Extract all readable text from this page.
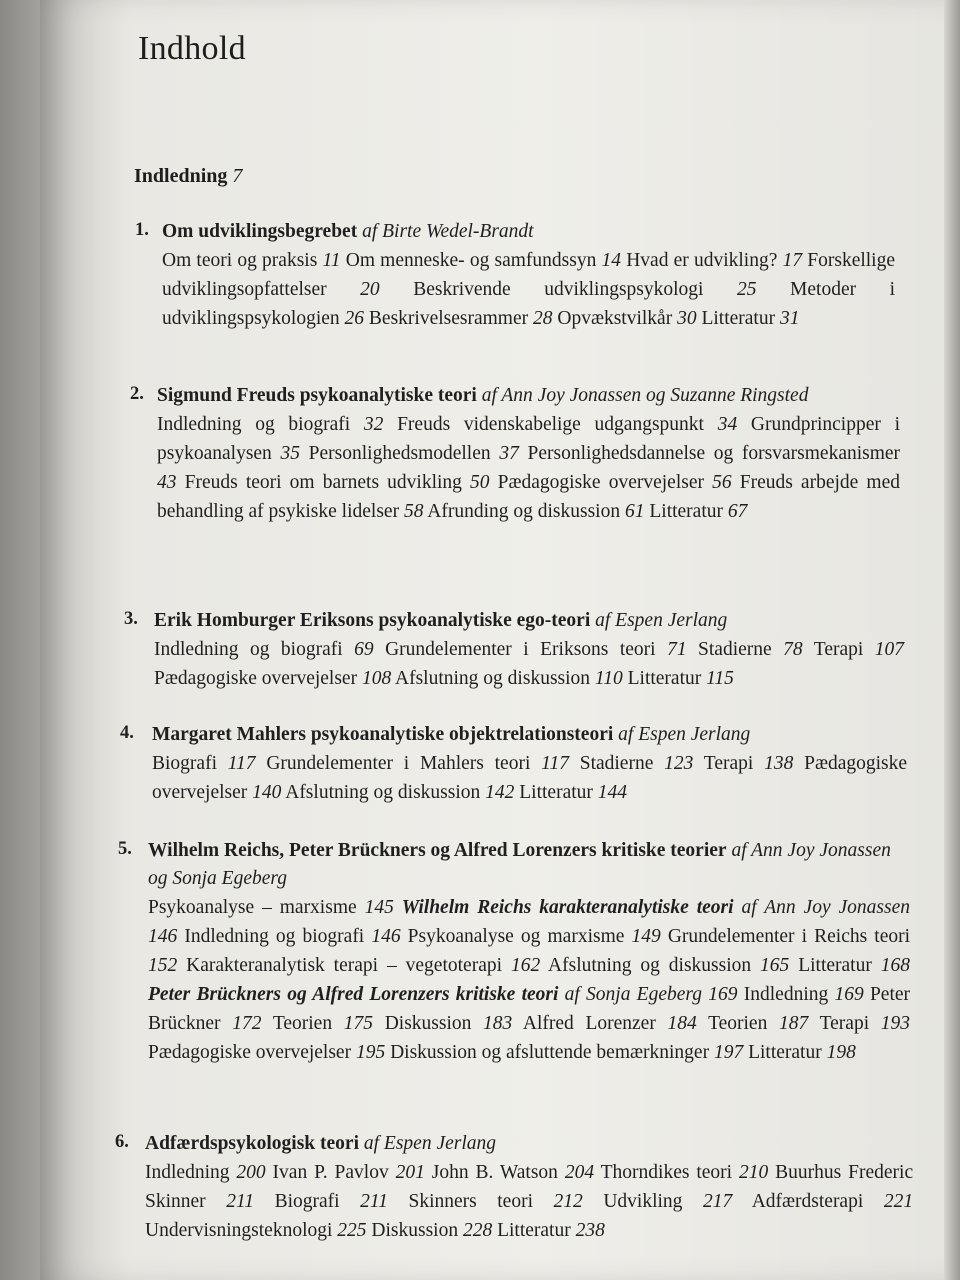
Indhold
Indledning 7
1. Om udviklingsbegrebet af Birte Wedel-Brandt
Om teori og praksis 11 Om menneske- og samfundssyn 14 Hvad er udvikling? 17 Forskellige udviklingsopfattelser 20 Beskrivende udviklingspsykologi 25 Metoder i udviklingspsykologien 26 Beskrivelsesrammer 28 Opvækstvilkår 30 Litteratur 31
2. Sigmund Freuds psykoanalytiske teori af Ann Joy Jonassen og Suzanne Ringsted
Indledning og biografi 32 Freuds videnskabelige udgangspunkt 34 Grundprincipper i psykoanalysen 35 Personlighedsmodellen 37 Personlighedsdannelse og forsvarsmekanismer 43 Freuds teori om barnets udvikling 50 Pædagogiske overvejelser 56 Freuds arbejde med behandling af psykiske lidelser 58 Afrunding og diskussion 61 Litteratur 67
3. Erik Homburger Eriksons psykoanalytiske ego-teori af Espen Jerlang
Indledning og biografi 69 Grundelementer i Eriksons teori 71 Stadierne 78 Terapi 107 Pædagogiske overvejelser 108 Afslutning og diskussion 110 Litteratur 115
4. Margaret Mahlers psykoanalytiske objektrelationsteori af Espen Jerlang
Biografi 117 Grundelementer i Mahlers teori 117 Stadierne 123 Terapi 138 Pædagogiske overvejelser 140 Afslutning og diskussion 142 Litteratur 144
5. Wilhelm Reichs, Peter Brückners og Alfred Lorenzers kritiske teorier af Ann Joy Jonassen og Sonja Egeberg
Psykoanalyse – marxisme 145 Wilhelm Reichs karakteranalytiske teori af Ann Joy Jonassen 146 Indledning og biografi 146 Psykoanalyse og marxisme 149 Grundelementer i Reichs teori 152 Karakteranalytisk terapi – vegetoterapi 162 Afslutning og diskussion 165 Litteratur 168 Peter Brückners og Alfred Lorenzers kritiske teori af Sonja Egeberg 169 Indledning 169 Peter Brückner 172 Teorien 175 Diskussion 183 Alfred Lorenzer 184 Teorien 187 Terapi 193 Pædagogiske overvejelser 195 Diskussion og afsluttende bemærkninger 197 Litteratur 198
6. Adfærdspsykologisk teori af Espen Jerlang
Indledning 200 Ivan P. Pavlov 201 John B. Watson 204 Thorndikes teori 210 Buurhus Frederic Skinner 211 Biografi 211 Skinners teori 212 Udvikling 217 Adfærdsterapi 221 Undervisningsteknologi 225 Diskussion 228 Litteratur 238
